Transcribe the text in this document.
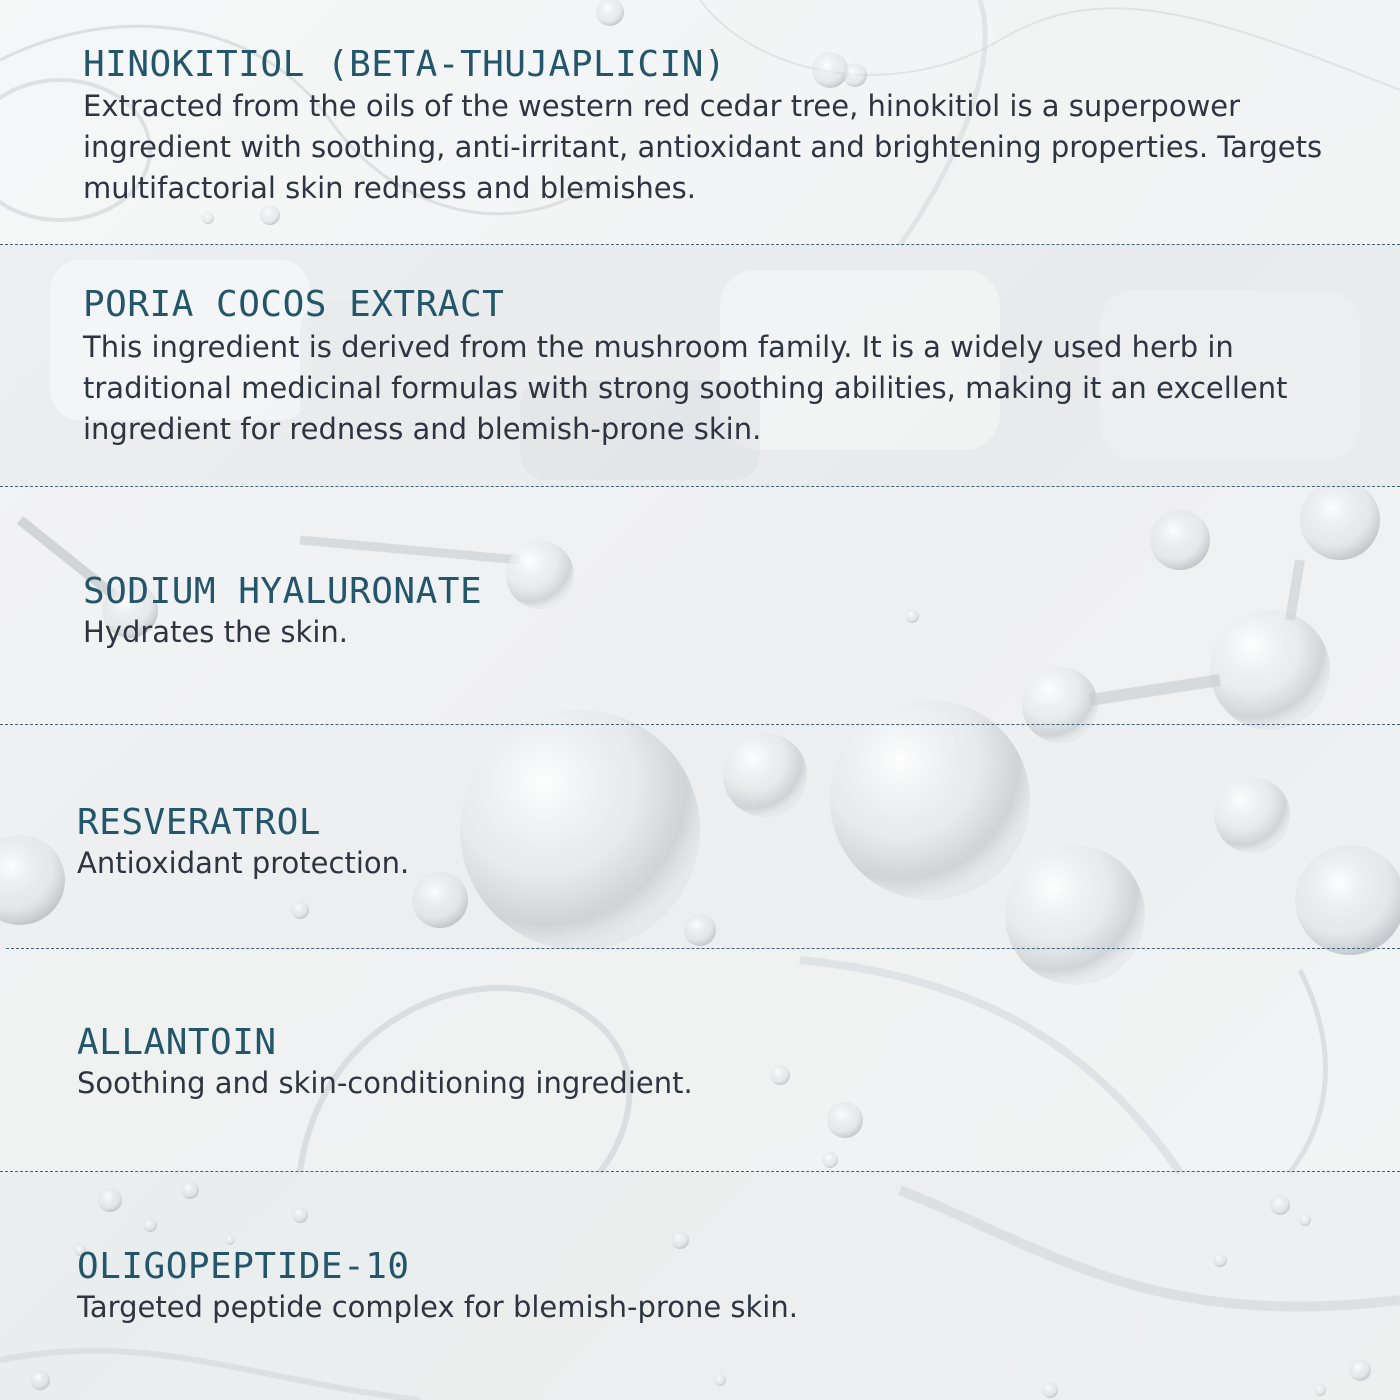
HINOKITIOL (BETA-THUJAPLICIN)

Extracted from the oils of the western red cedar tree, hinokitiol is a superpower ingredient with soothing, anti-irritant, antioxidant and brightening properties. Targets multifactorial skin redness and blemishes.

PORIA COCOS EXTRACT

This ingredient is derived from the mushroom family. It is a widely used herb in traditional medicinal formulas with strong soothing abilities, making it an excellent ingredient for redness and blemish-prone skin.

SODIUM HYALURONATE

Hydrates the skin.

RESVERATROL

Antioxidant protection.

ALLANTOIN

Soothing and skin-conditioning ingredient.

OLIGOPEPTIDE-10

Targeted peptide complex for blemish-prone skin.
